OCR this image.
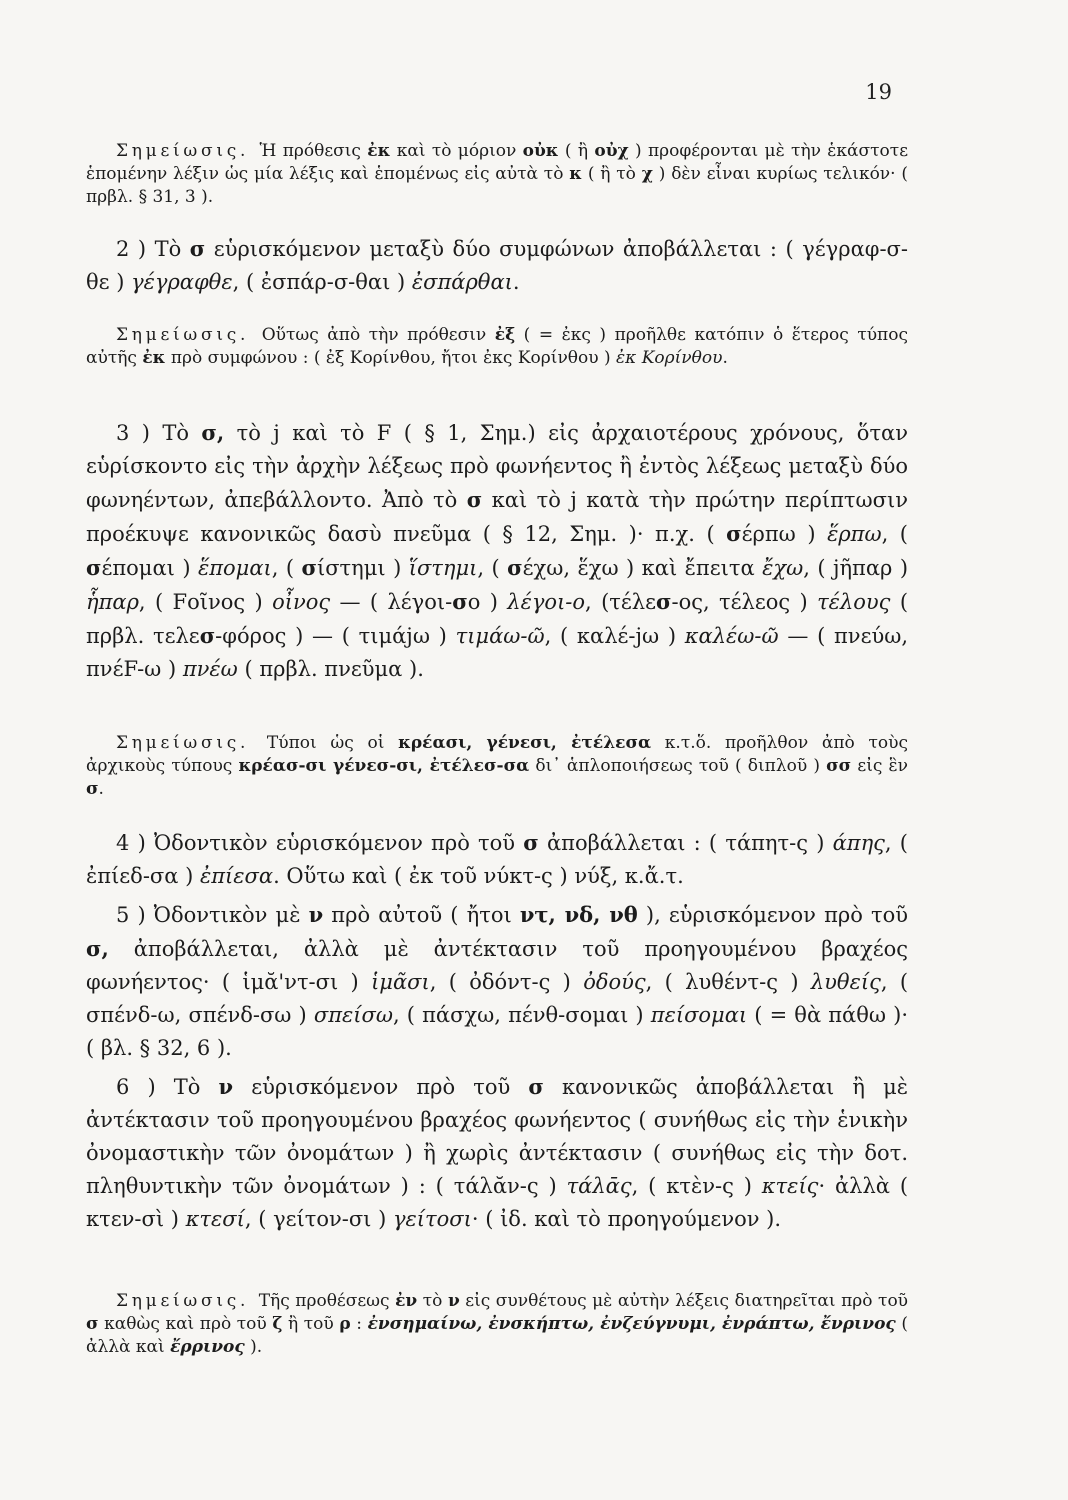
19

Σημείωσις. Ἡ πρόθεσις ἐκ καὶ τὸ μόριον οὐκ ( ἢ οὐχ ) προφέρονται μὲ τὴν ἑκάστοτε ἑπομένην λέξιν ὡς μία λέξις καὶ ἑπομένως εἰς αὐτὰ τὸ κ ( ἢ τὸ χ ) δὲν εἶναι κυρίως τελικόν· ( πρβλ. § 31, 3 ).

2 ) Τὸ σ εὑρισκόμενον μεταξὺ δύο συμφώνων ἀποβάλλεται : ( γέγραφ-σ-θε ) γέγραφθε, ( ἐσπάρ-σ-θαι ) ἐσπάρθαι.

Σημείωσις. Οὕτως ἀπὸ τὴν πρόθεσιν ἐξ ( = ἐκς ) προῆλθε κατόπιν ὁ ἕτερος τύπος αὐτῆς ἐκ πρὸ συμφώνου : ( ἐξ Κορίνθου, ἤτοι ἐκς Κορίνθου ) ἐκ Κορίνθου.

3 ) Τὸ σ, τὸ j καὶ τὸ F ( § 1, Σημ.) εἰς ἀρχαιοτέρους χρόνους, ὅταν εὑρίσκοντο εἰς τὴν ἀρχὴν λέξεως πρὸ φωνήεντος ἢ ἐντὸς λέξεως μεταξὺ δύο φωνηέντων, ἀπεβάλλοντο. Ἀπὸ τὸ σ καὶ τὸ j κατὰ τὴν πρώτην περίπτωσιν προέκυψε κανονικῶς δασὺ πνεῦμα ( § 12, Σημ. )· π.χ. ( σέρπω ) ἕρπω, ( σέπομαι ) ἕπομαι, ( σίστημι ) ἵστημι, ( σέχω, ἕχω ) καὶ ἔπειτα ἔχω, ( jῆπαρ ) ἧπαρ, ( Fοῖνος ) οἶνος — ( λέγοι-σο ) λέγοι-ο, (τέλεσ-ος, τέλεος ) τέλους ( πρβλ. τελεσ-φόρος ) — ( τιμάjω ) τιμάω-ῶ, ( καλέ-jω ) καλέω-ῶ — ( πνεύω, πνέF-ω ) πνέω ( πρβλ. πνεῦμα ).

Σημείωσις. Τύποι ὡς οἱ κρέασι, γένεσι, ἐτέλεσα κ.τ.ὅ. προῆλθον ἀπὸ τοὺς ἀρχικοὺς τύπους κρέασ-σι γένεσ-σι, ἐτέλεσ-σα δι᾽ ἁπλοποιήσεως τοῦ ( διπλοῦ ) σσ εἰς ἓν σ.

4 ) Ὀδοντικὸν εὑρισκόμενον πρὸ τοῦ σ ἀποβάλλεται : ( τάπητ-ς ) άπης, ( ἐπίεδ-σα ) ἐπίεσα. Οὕτω καὶ ( ἐκ τοῦ νύκτ-ς ) νύξ, κ.ἄ.τ.

5 ) Ὀδοντικὸν μὲ ν πρὸ αὐτοῦ ( ἤτοι ντ, νδ, νθ ), εὑρισκόμενον πρὸ τοῦ σ, ἀποβάλλεται, ἀλλὰ μὲ ἀντέκτασιν τοῦ προηγουμένου βραχέος φωνήεντος· ( ἱμᾰ'ντ-σι ) ἱμᾶσι, ( ὀδόντ-ς ) ὀδούς, ( λυθέντ-ς ) λυθείς, ( σπένδ-ω, σπένδ-σω ) σπείσω, ( πάσχω, πένθ-σομαι ) πείσομαι ( = θὰ πάθω )· ( βλ. § 32, 6 ).

6 ) Τὸ ν εὑρισκόμενον πρὸ τοῦ σ κανονικῶς ἀποβάλλεται ἢ μὲ ἀντέκτασιν τοῦ προηγουμένου βραχέος φωνήεντος ( συνήθως εἰς τὴν ἑνικὴν ὀνομαστικὴν τῶν ὀνομάτων ) ἢ χωρὶς ἀντέκτασιν ( συνήθως εἰς τὴν δοτ. πληθυντικὴν τῶν ὀνομάτων ) : ( τάλᾰν-ς ) τάλᾱς, ( κτὲν-ς ) κτείς· ἀλλὰ ( κτεν-σὶ ) κτεσί, ( γείτον-σι ) γείτοσι· ( ἰδ. καὶ τὸ προηγούμενον ).

Σημείωσις. Τῆς προθέσεως ἐν τὸ ν εἰς συνθέτους μὲ αὐτὴν λέξεις διατηρεῖται πρὸ τοῦ σ καθὼς καὶ πρὸ τοῦ ζ ἢ τοῦ ρ : ἐνσημαίνω, ἐνσκήπτω, ἐνζεύγνυμι, ἐνράπτω, ἔνρινος ( ἀλλὰ καὶ ἔρρινος ).
